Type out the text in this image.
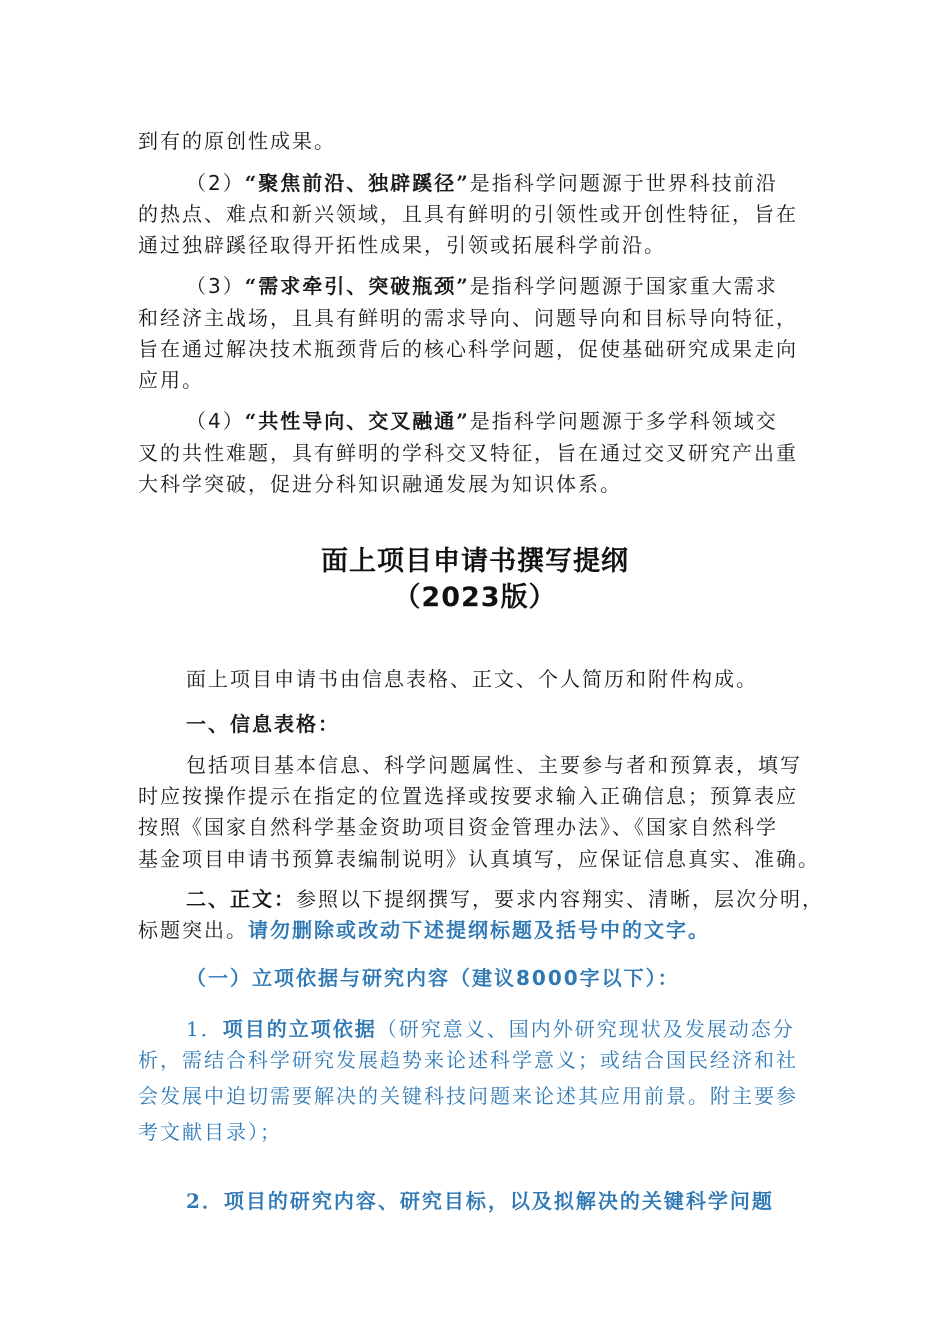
到有的原创性成果。
（2）“聚焦前沿、独辟蹊径”是指科学问题源于世界科技前沿
的热点、难点和新兴领域，且具有鲜明的引领性或开创性特征，旨在
通过独辟蹊径取得开拓性成果，引领或拓展科学前沿。
（3）“需求牵引、突破瓶颈”是指科学问题源于国家重大需求
和经济主战场，且具有鲜明的需求导向、问题导向和目标导向特征，
旨在通过解决技术瓶颈背后的核心科学问题，促使基础研究成果走向
应用。
（4）“共性导向、交叉融通”是指科学问题源于多学科领域交
叉的共性难题，具有鲜明的学科交叉特征，旨在通过交叉研究产出重
大科学突破，促进分科知识融通发展为知识体系。
面上项目申请书撰写提纲
（2023版）
面上项目申请书由信息表格、正文、个人简历和附件构成。
一、信息表格：
包括项目基本信息、科学问题属性、主要参与者和预算表，填写
时应按操作提示在指定的位置选择或按要求输入正确信息；预算表应
按照《国家自然科学基金资助项目资金管理办法》、《国家自然科学
基金项目申请书预算表编制说明》认真填写，应保证信息真实、准确。
二、正文：参照以下提纲撰写，要求内容翔实、清晰，层次分明，
标题突出。请勿删除或改动下述提纲标题及括号中的文字。
（一）立项依据与研究内容（建议8000字以下）：
1．项目的立项依据（研究意义、国内外研究现状及发展动态分
析，需结合科学研究发展趋势来论述科学意义；或结合国民经济和社
会发展中迫切需要解决的关键科技问题来论述其应用前景。附主要参
考文献目录）；
2．项目的研究内容、研究目标，以及拟解决的关键科学问题
